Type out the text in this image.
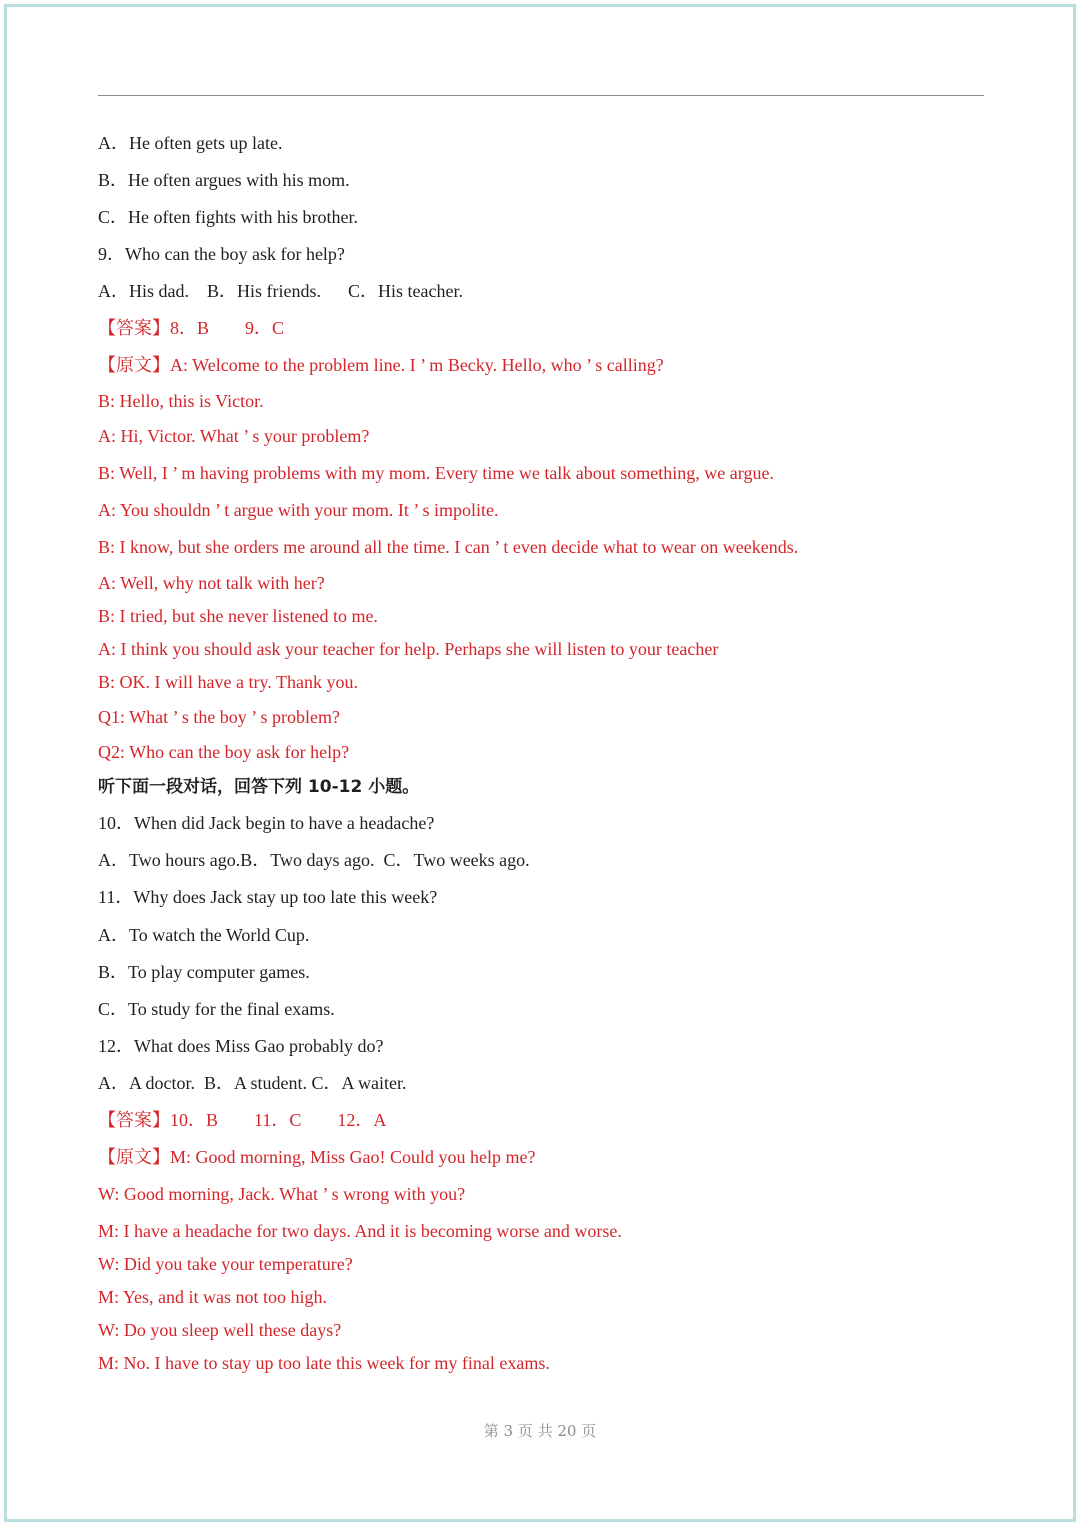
A．He often gets up late.
B．He often argues with his mom.
C．He often fights with his brother.
9．Who can the boy ask for help?
A．His dad.    B．His friends.      C．His teacher.
【答案】8．B        9．C
【原文】A: Welcome to the problem line. I ’ m Becky. Hello, who ’ s calling?
B: Hello, this is Victor.
A: Hi, Victor. What ’ s your problem?
B: Well, I ’ m having problems with my mom. Every time we talk about something, we argue.
A: You shouldn ’ t argue with your mom. It ’ s impolite.
B: I know, but she orders me around all the time. I can ’ t even decide what to wear on weekends.
A: Well, why not talk with her?
B: I tried, but she never listened to me.
A: I think you should ask your teacher for help. Perhaps she will listen to your teacher
B: OK. I will have a try. Thank you.
Q1: What ’ s the boy ’ s problem?
Q2: Who can the boy ask for help?
听下面一段对话，回答下列 10-12 小题。
10．When did Jack begin to have a headache?
A．Two hours ago.B．Two days ago.  C．Two weeks ago.
11．Why does Jack stay up too late this week?
A．To watch the World Cup.
B．To play computer games.
C．To study for the final exams.
12．What does Miss Gao probably do?
A．A doctor.  B．A student. C．A waiter.
【答案】10．B        11．C        12．A
【原文】M: Good morning, Miss Gao! Could you help me?
W: Good morning, Jack. What ’ s wrong with you?
M: I have a headache for two days. And it is becoming worse and worse.
W: Did you take your temperature?
M: Yes, and it was not too high.
W: Do you sleep well these days?
M: No. I have to stay up too late this week for my final exams.
第 3 页 共 20 页
